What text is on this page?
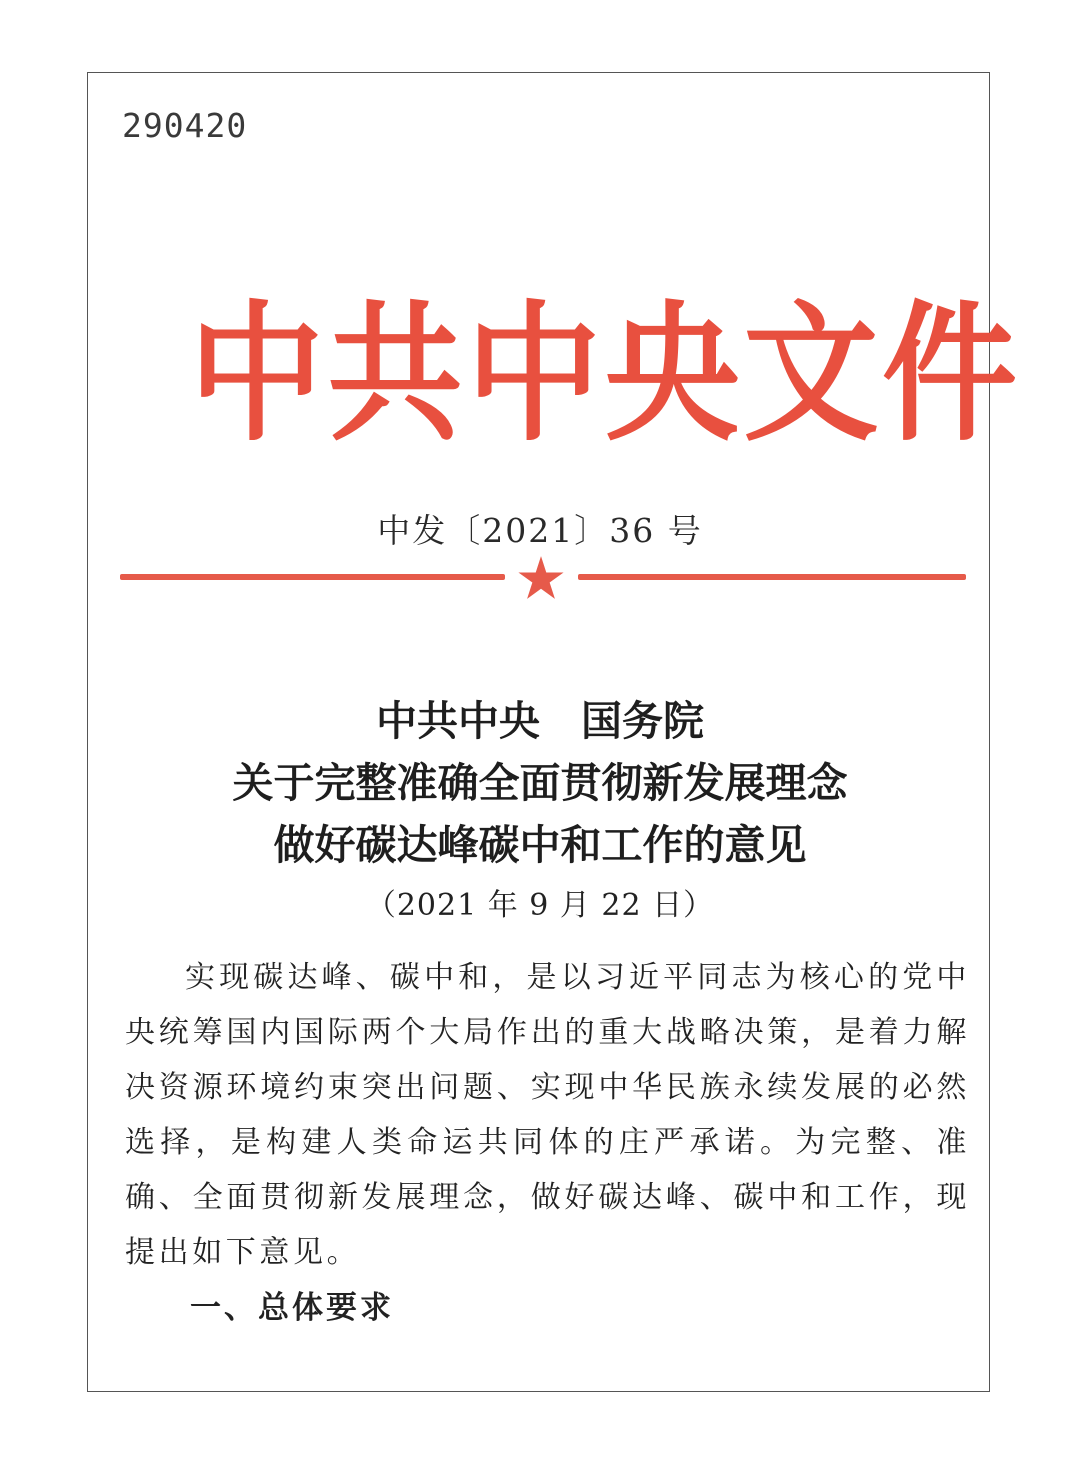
290420
中共中央文件
中发〔2021〕36 号
中共中央　国务院
关于完整准确全面贯彻新发展理念
做好碳达峰碳中和工作的意见
（2021 年 9 月 22 日）

实现碳达峰、碳中和，是以习近平同志为核心的党中央统筹国内国际两个大局作出的重大战略决策，是着力解决资源环境约束突出问题、实现中华民族永续发展的必然选择，是构建人类命运共同体的庄严承诺。为完整、准确、全面贯彻新发展理念，做好碳达峰、碳中和工作，现提出如下意见。

一、总体要求
